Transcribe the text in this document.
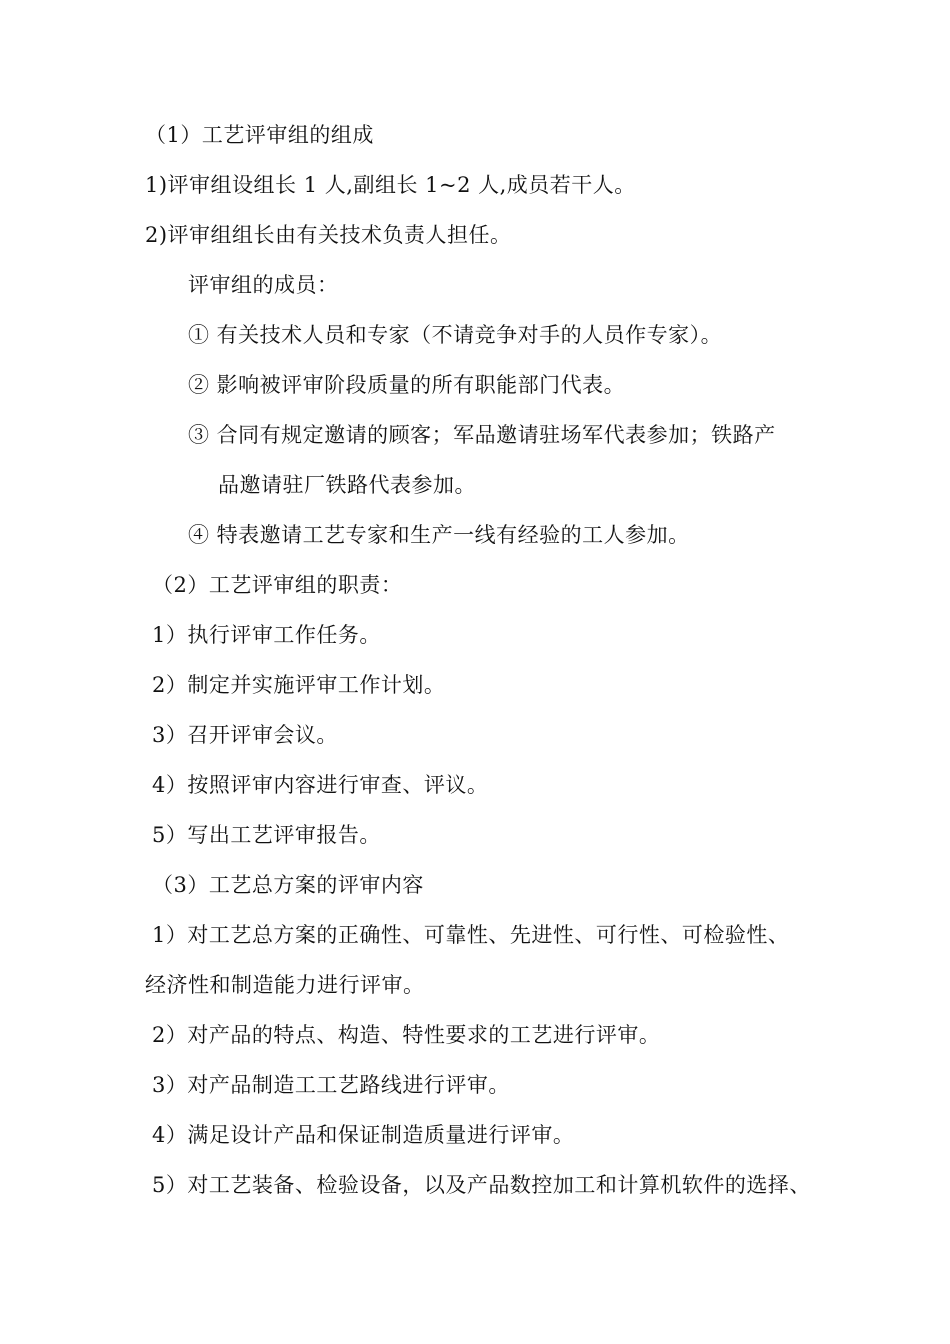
（1）工艺评审组的组成
1)评审组设组长 1 人,副组长 1~2 人,成员若干人。
2)评审组组长由有关技术负责人担任。
评审组的成员：
① 有关技术人员和专家（不请竞争对手的人员作专家）。
② 影响被评审阶段质量的所有职能部门代表。
③ 合同有规定邀请的顾客；军品邀请驻场军代表参加；铁路产
品邀请驻厂铁路代表参加。
④ 特表邀请工艺专家和生产一线有经验的工人参加。
（2）工艺评审组的职责：
1）执行评审工作任务。
2）制定并实施评审工作计划。
3）召开评审会议。
4）按照评审内容进行审查、评议。
5）写出工艺评审报告。
（3）工艺总方案的评审内容
1）对工艺总方案的正确性、可靠性、先进性、可行性、可检验性、
经济性和制造能力进行评审。
2）对产品的特点、构造、特性要求的工艺进行评审。
3）对产品制造工工艺路线进行评审。
4）满足设计产品和保证制造质量进行评审。
5）对工艺装备、检验设备，以及产品数控加工和计算机软件的选择、
